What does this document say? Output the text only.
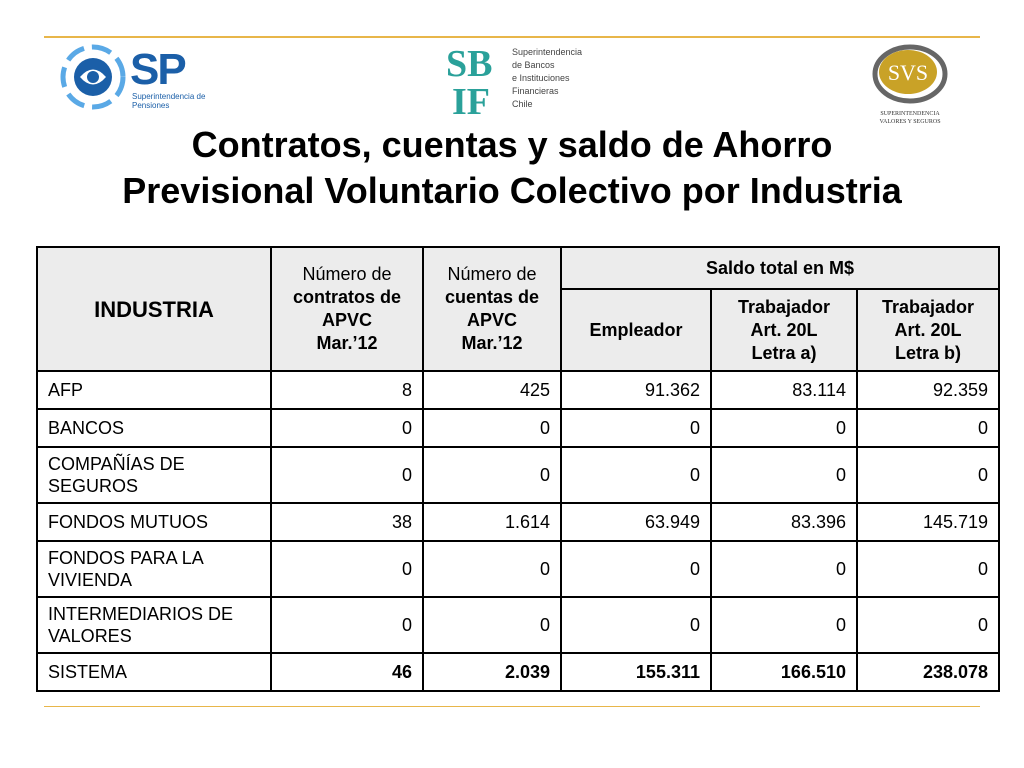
SP
Superintendencia de Pensiones
SB
IF
Superintendencia
de Bancos
e Instituciones
Financieras
Chile
SVS
SUPERINTENDENCIA
VALORES Y SEGUROS
Contratos, cuentas y saldo de Ahorro
Previsional Voluntario Colectivo por Industria
INDUSTRIA	Número de
contratos de
APVC
Mar.’12	Número de
cuentas de
APVC
Mar.’12	Saldo total en M$		
			Empleador	Trabajador
Art. 20L
Letra a)	Trabajador
Art. 20L
Letra b)
AFP	8	425	91.362	83.114	92.359
BANCOS	0	0	0	0	0
COMPAÑÍAS DE SEGUROS	0	0	0	0	0
FONDOS MUTUOS	38	1.614	63.949	83.396	145.719
FONDOS PARA LA VIVIENDA	0	0	0	0	0
INTERMEDIARIOS DE VALORES	0	0	0	0	0
SISTEMA	46	2.039	155.311	166.510	238.078
